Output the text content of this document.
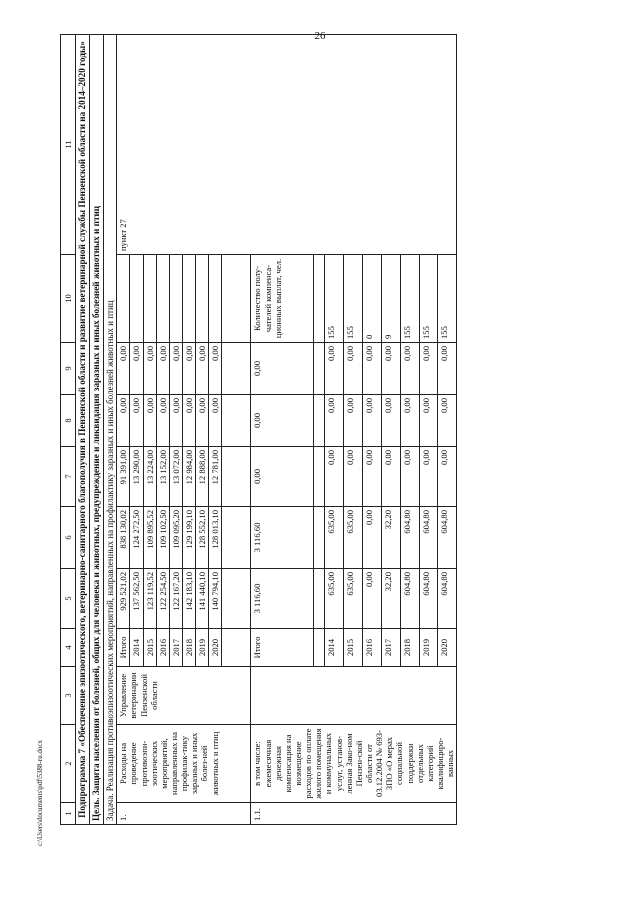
26
c:\Users\documents\pdf\5388-ru.docx 1	2	3	4	5	6	7	8	9	10	11
Подпрограмма 7 «Обеспечение эпизоотического, ветеринарно-санитарного благополучия в Пензенской области и развитие ветеринарной службы Пензенской области на 2014–2020 годы»										
Цель. Защита населения от болезней, общих для человека и животных, предупреждение и ликвидация заразных и иных болезней животных и птиц										
Задача. Реализация противоэпизоотических мероприятий, направленных на профилактику заразных и иных болезней животных и птиц										
1.	Расходы на проведение противоэпи-зоотических мероприятий, направленных на профилак-тику заразных и иных болез-ней животных и птиц	Управление ветеринарии Пензенской области	Итого	929 521,02	838 130,02	91 391,00	0,00	0,00		пункт 27
			2014	137 562,50	124 272,50	13 290,00	0,00	0,00		
			2015	123 119,52	109 895,52	13 224,00	0,00	0,00		
			2016	122 254,50	109 102,50	13 152,00	0,00	0,00		
			2017	122 167,20	109 095,20	13 072,00	0,00	0,00		
			2018	142 183,10	129 199,10	12 984,00	0,00	0,00		
			2019	141 440,10	128 552,10	12 888,00	0,00	0,00		
			2020	140 794,10	128 013,10	12 781,00	0,00	0,00		

1.1.	в том числе: ежемесячная денежная компенсация на возмещение расходов по оплате жилого помещения и коммунальных услуг, установ-ленная Зако-ном Пензен-ской области от 03.12.2004 № 693-ЗПО «О мерах социальной поддержки отдельных категорий квалифициро-ванных		Итого	3 116,60	3 116,60	0,00	0,00	0,00	Количество полу-чателей компенса-ционных выплат, чел.	

			2014	635,00	635,00	0,00	0,00	0,00	155	
			2015	635,00	635,00	0,00	0,00	0,00	155	
			2016	0,00	0,00	0,00	0,00	0,00	0	
			2017	32,20	32,20	0,00	0,00	0,00	9	
			2018	604,80	604,80	0,00	0,00	0,00	155	
			2019	604,80	604,80	0,00	0,00	0,00	155	
			2020	604,80	604,80	0,00	0,00	0,00	155	
